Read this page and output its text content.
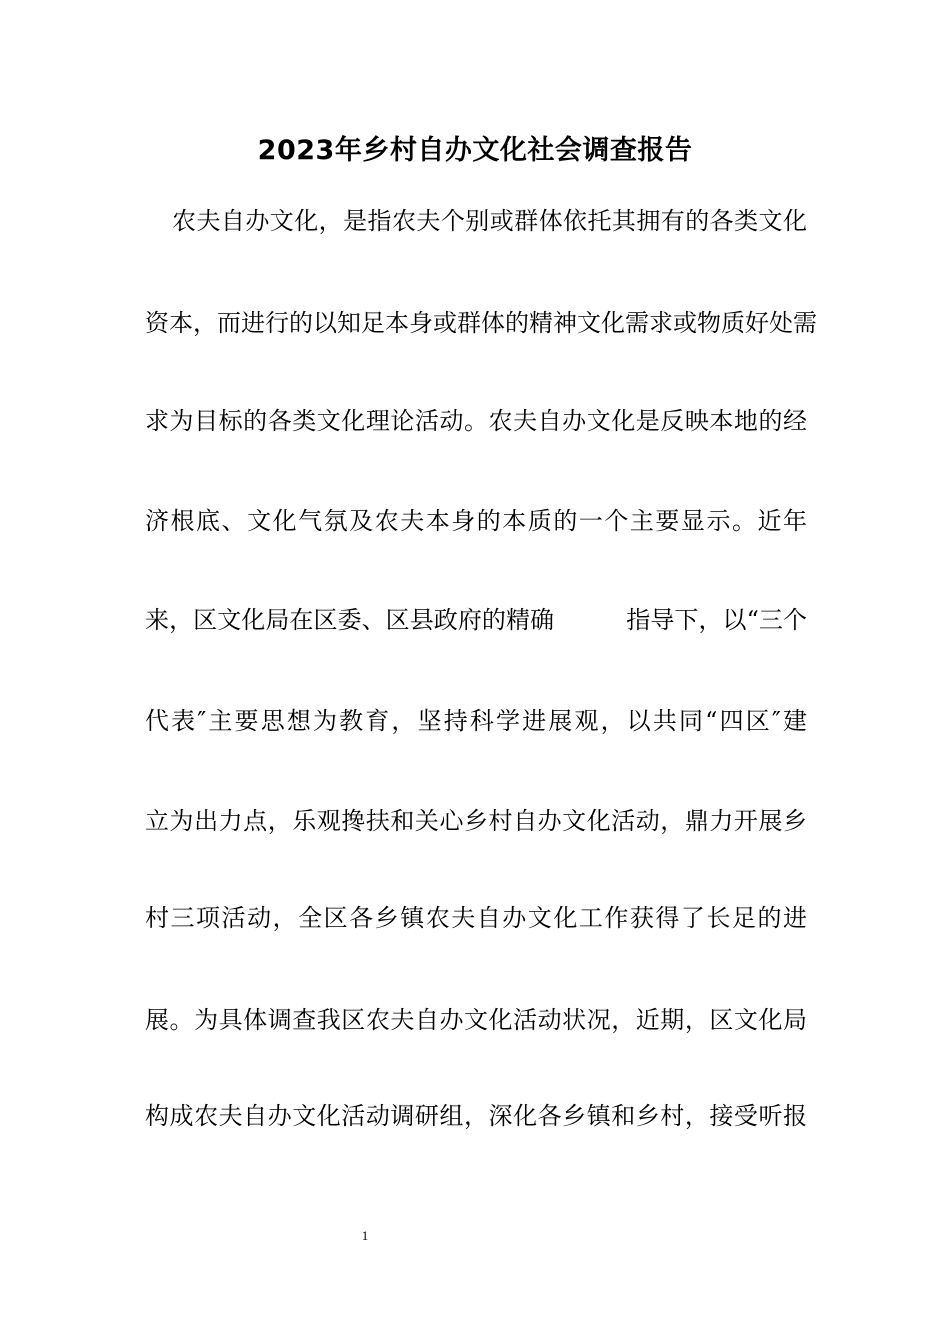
2023年乡村自办文化社会调查报告
农夫自办文化，是指农夫个别或群体依托其拥有的各类文化
资本，而进行的以知足本身或群体的精神文化需求或物质好处需
求为目标的各类文化理论活动。农夫自办文化是反映本地的经
济根底、文化气氛及农夫本身的本质的一个主要显示。近年
来，区文化局在区委、区县政府的精确　　　指导下，以“三个
代表″主要思想为教育，坚持科学进展观，以共同“四区″建
立为出力点，乐观搀扶和关心乡村自办文化活动，鼎力开展乡
村三项活动，全区各乡镇农夫自办文化工作获得了长足的进
展。为具体调查我区农夫自办文化活动状况，近期，区文化局
构成农夫自办文化活动调研组，深化各乡镇和乡村，接受听报
1
